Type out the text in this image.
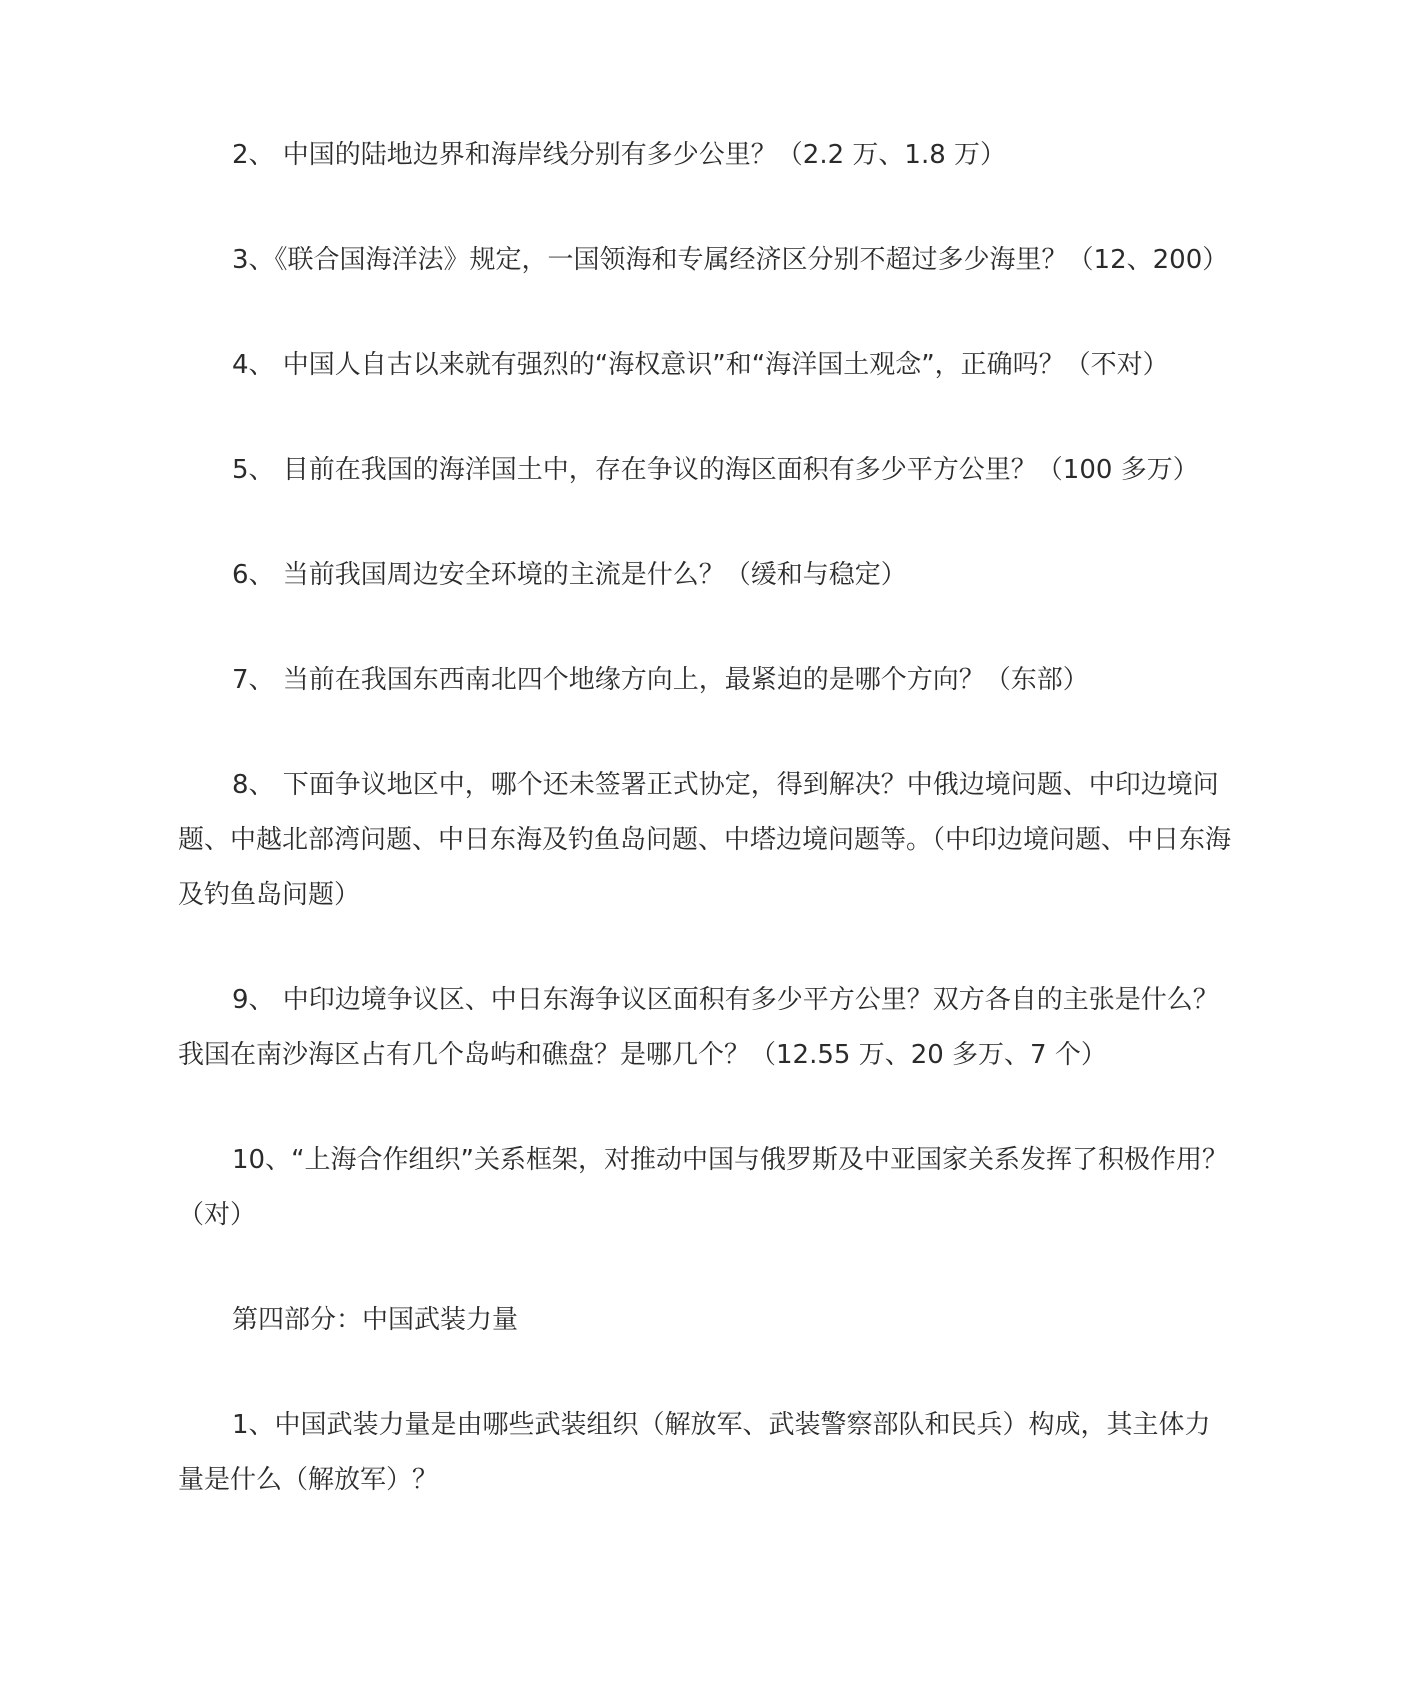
2、 中国的陆地边界和海岸线分别有多少公里？（2.2 万、1.8 万）

3、《联合国海洋法》规定，一国领海和专属经济区分别不超过多少海里？（12、200）

4、 中国人自古以来就有强烈的“海权意识”和“海洋国土观念”，正确吗？（不对）

5、 目前在我国的海洋国土中，存在争议的海区面积有多少平方公里？（100 多万）

6、 当前我国周边安全环境的主流是什么？（缓和与稳定）

7、 当前在我国东西南北四个地缘方向上，最紧迫的是哪个方向？（东部）

8、 下面争议地区中，哪个还未签署正式协定，得到解决？中俄边境问题、中印边境问题、中越北部湾问题、中日东海及钓鱼岛问题、中塔边境问题等。（中印边境问题、中日东海及钓鱼岛问题）

9、 中印边境争议区、中日东海争议区面积有多少平方公里？双方各自的主张是什么？我国在南沙海区占有几个岛屿和礁盘？是哪几个？（12.55 万、20 多万、7 个）

10、“上海合作组织”关系框架，对推动中国与俄罗斯及中亚国家关系发挥了积极作用？（对）

第四部分：中国武装力量

1、中国武装力量是由哪些武装组织（解放军、武装警察部队和民兵）构成，其主体力量是什么（解放军）？
